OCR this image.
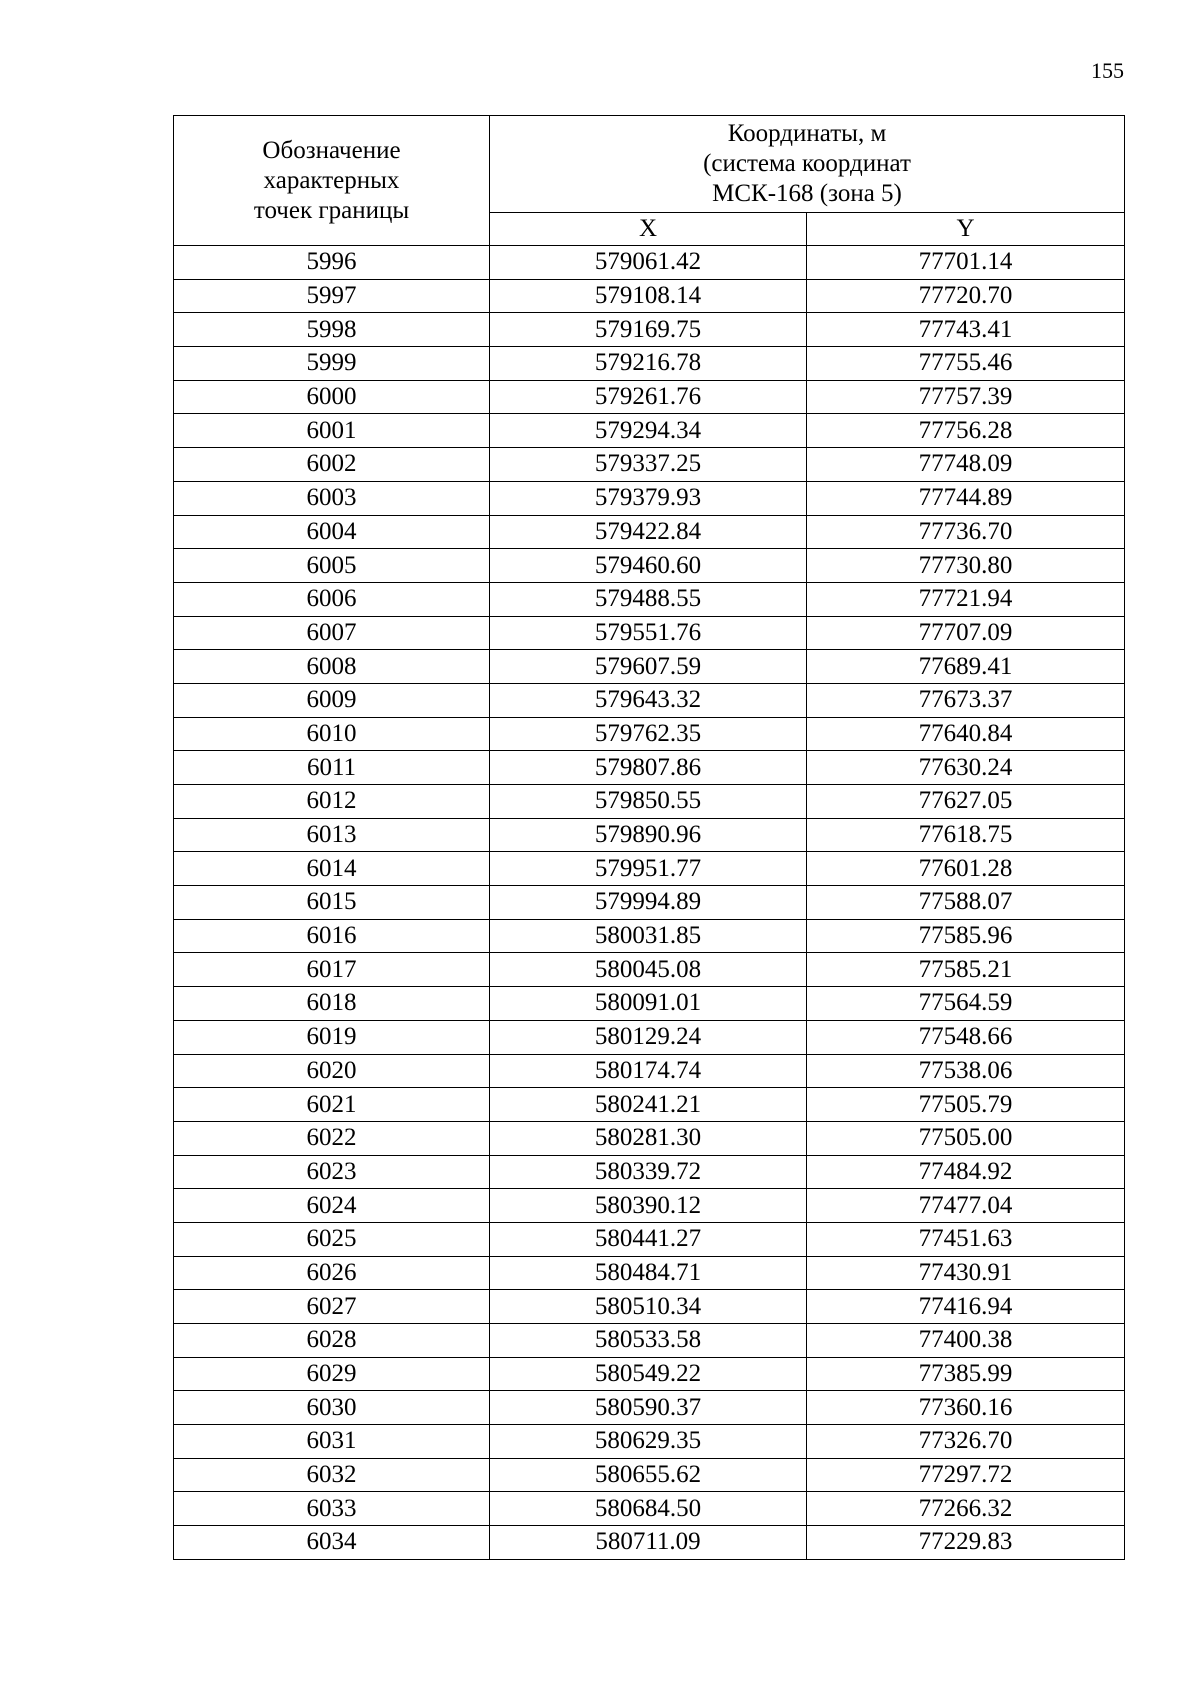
155
Обозначение
характерных
точек границы	Координаты, м
(система координат
МСК-168 (зона 5)	

	X	Y
5996	579061.42	77701.14
5997	579108.14	77720.70
5998	579169.75	77743.41
5999	579216.78	77755.46
6000	579261.76	77757.39
6001	579294.34	77756.28
6002	579337.25	77748.09
6003	579379.93	77744.89
6004	579422.84	77736.70
6005	579460.60	77730.80
6006	579488.55	77721.94
6007	579551.76	77707.09
6008	579607.59	77689.41
6009	579643.32	77673.37
6010	579762.35	77640.84
6011	579807.86	77630.24
6012	579850.55	77627.05
6013	579890.96	77618.75
6014	579951.77	77601.28
6015	579994.89	77588.07
6016	580031.85	77585.96
6017	580045.08	77585.21
6018	580091.01	77564.59
6019	580129.24	77548.66
6020	580174.74	77538.06
6021	580241.21	77505.79
6022	580281.30	77505.00
6023	580339.72	77484.92
6024	580390.12	77477.04
6025	580441.27	77451.63
6026	580484.71	77430.91
6027	580510.34	77416.94
6028	580533.58	77400.38
6029	580549.22	77385.99
6030	580590.37	77360.16
6031	580629.35	77326.70
6032	580655.62	77297.72
6033	580684.50	77266.32
6034	580711.09	77229.83
